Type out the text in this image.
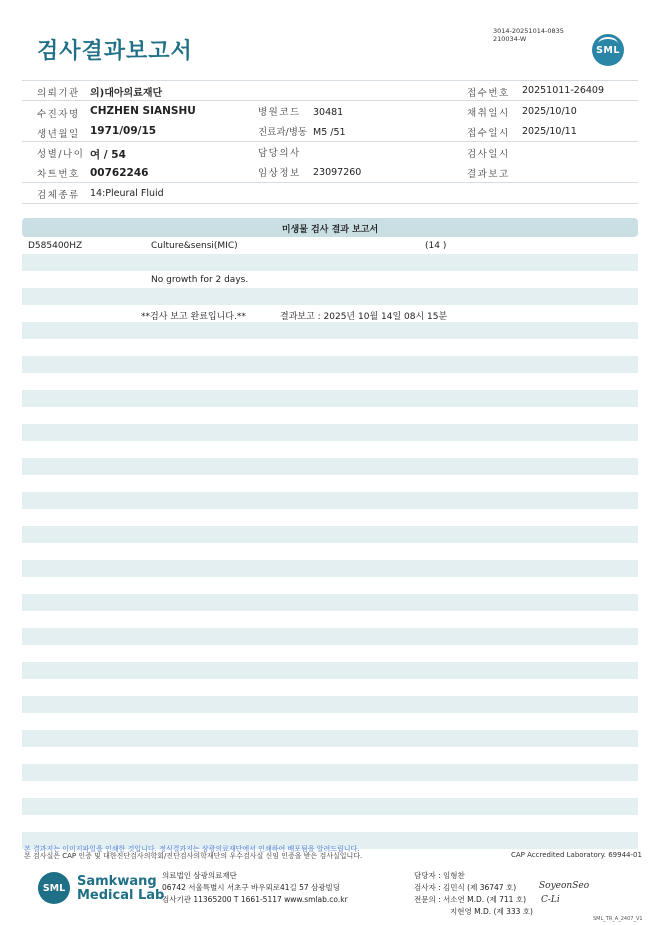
검사결과보고서
3014-20251014-0835
210034-W
SML
의뢰기관 의)대아의료재단	접수번호 20251011-26409
수진자명 CHZHEN SIANSHU	병원코드 30481	채취일시 2025/10/10
생년월일 1971/09/15	진료과/병동 M5 /51	접수일시 2025/10/11
성별/나이 여 / 54	담당의사	검사일시
차트번호 00762246	임상정보 23097260	결과보고
검체종류 14:Pleural Fluid
미생물 검사 결과 보고서
D585400HZ	Culture&sensi(MIC)	(14 )
No growth for 2 days.
**검사 보고 완료입니다.**	결과보고 : 2025년 10월 14일 08시 15분
본 결과지는 이미지파일을 인쇄한 것입니다. 정식결과지는 삼광의료재단에서 인쇄하여 배포됨을 알려드립니다.
본 검사실은 CAP 인증 및 대한진단검사의학회/진단검사의학재단의 우수검사실 신임 인증을 받은 검사실입니다.	CAP Accredited Laboratory. 69944-01
SML Samkwang
Medical Lab
의료법인 삼광의료재단
06742 서울특별시 서초구 바우뫼로41길 57 삼광빌딩
검사기관 11365200 T 1661-5117 www.smlab.co.kr
담당자 : 임형찬
검사자 : 김민식 (제 36747 호)
전문의 : 서소연 M.D. (제 711 호)
지현영 M.D. (제 333 호)
SoyeonSeo
C-Li
SML_TR_A_2407_V1
